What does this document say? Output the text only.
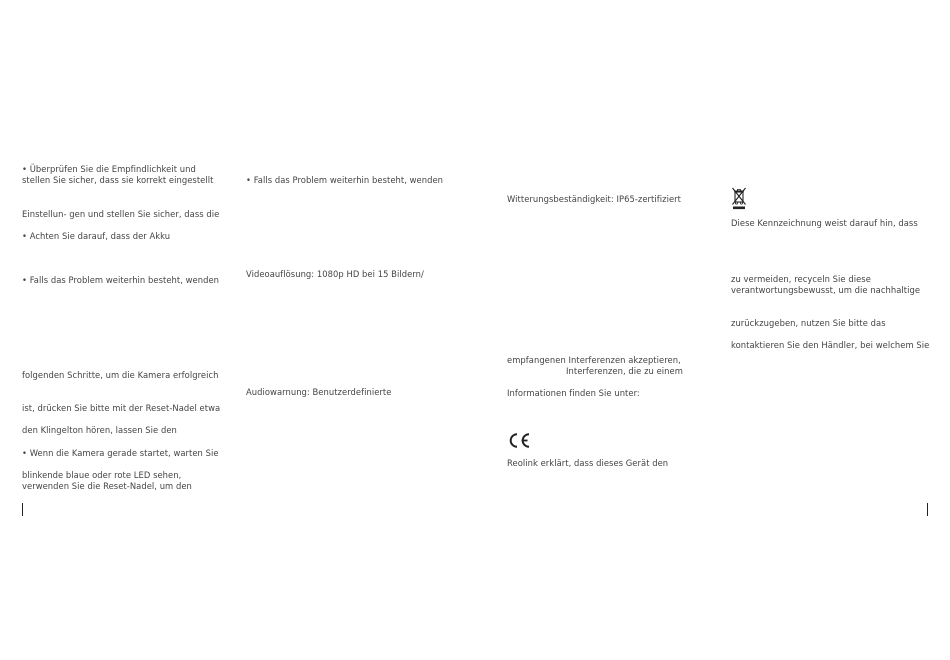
• Überprüfen Sie die Empfindlichkeit und
stellen Sie sicher, dass sie korrekt eingestellt
Einstellun- gen und stellen Sie sicher, dass die
• Achten Sie darauf, dass der Akku
• Falls das Problem weiterhin besteht, wenden
folgenden Schritte, um die Kamera erfolgreich
ist, drücken Sie bitte mit der Reset-Nadel etwa
den Klingelton hören, lassen Sie den
• Wenn die Kamera gerade startet, warten Sie
blinkende blaue oder rote LED sehen,
verwenden Sie die Reset-Nadel, um den
• Falls das Problem weiterhin besteht, wenden
Videoauflösung: 1080p HD bei 15 Bildern/
Audiowarnung: Benutzerdefinierte
Witterungsbeständigkeit: IP65-zertifiziert
empfangenen Interferenzen akzeptieren,
Interferenzen, die zu einem
Informationen finden Sie unter:
Reolink erklärt, dass dieses Gerät den
Diese Kennzeichnung weist darauf hin, dass
zu vermeiden, recyceln Sie diese
verantwortungsbewusst, um die nachhaltige
zurückzugeben, nutzen Sie bitte das
kontaktieren Sie den Händler, bei welchem Sie
